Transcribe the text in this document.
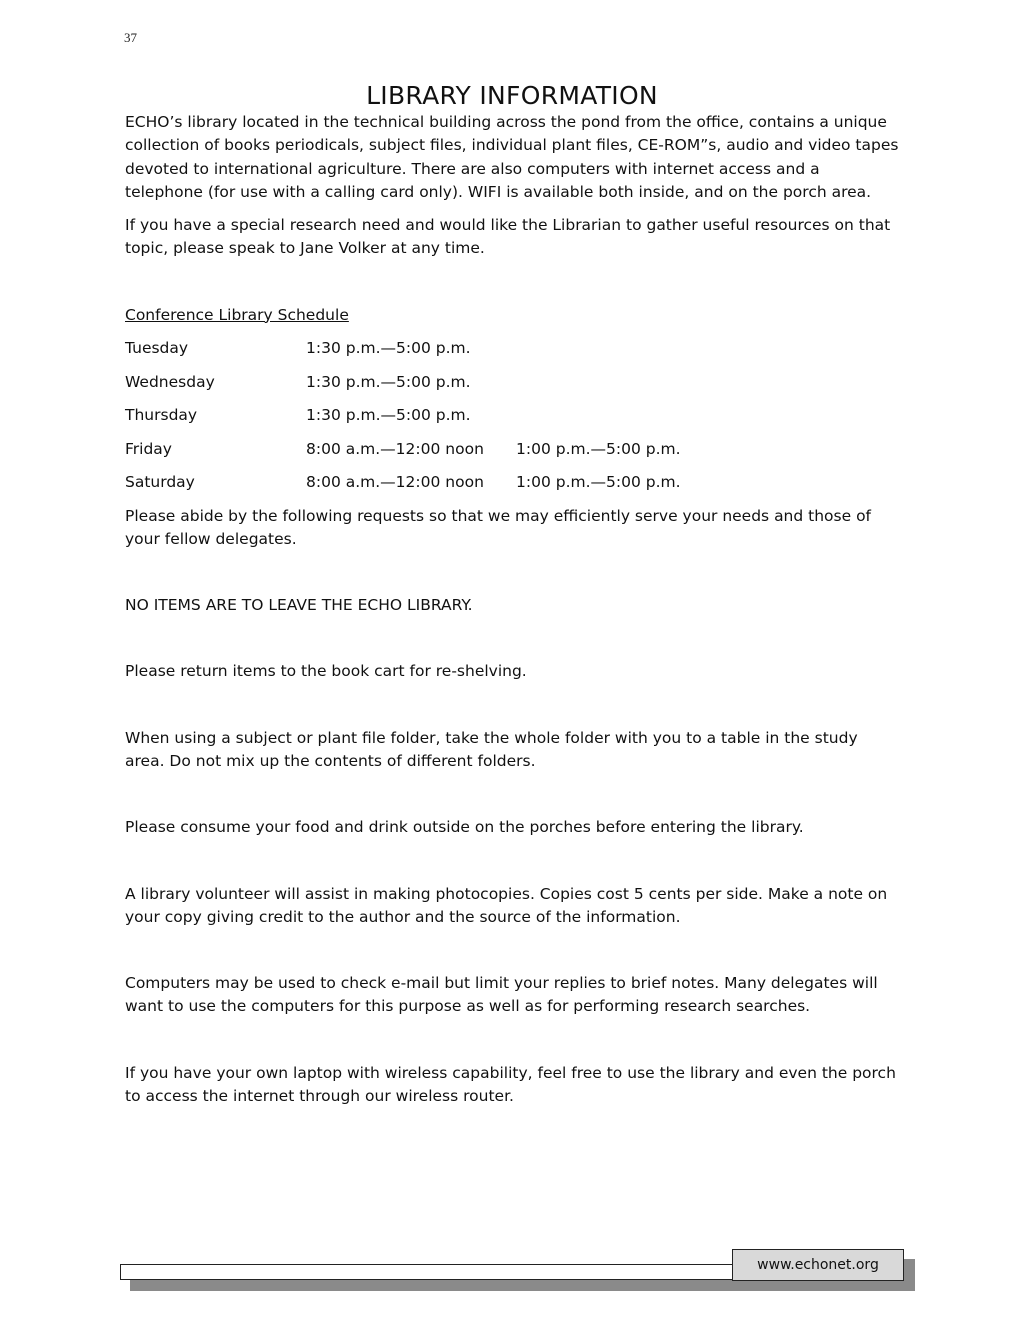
37
LIBRARY INFORMATION

ECHO’s library located in the technical building across the pond from the office, contains a unique collection of books periodicals, subject files, individual plant files, CE-ROM”s, audio and video tapes devoted to international agriculture. There are also computers with internet access and a telephone (for use with a calling card only). WIFI is available both inside, and on the porch area.

If you have a special research need and would like the Librarian to gather useful resources on that topic, please speak to Jane Volker at any time.

Conference Library Schedule

Tuesday	1:30 p.m.—5:00 p.m.
Wednesday	1:30 p.m.—5:00 p.m.
Thursday	1:30 p.m.—5:00 p.m.
Friday	8:00 a.m.—12:00 noon	1:00 p.m.—5:00 p.m.
Saturday	8:00 a.m.—12:00 noon	1:00 p.m.—5:00 p.m.

Please abide by the following requests so that we may efficiently serve your needs and those of your fellow delegates.

NO ITEMS ARE TO LEAVE THE ECHO LIBRARY.

Please return items to the book cart for re-shelving.

When using a subject or plant file folder, take the whole folder with you to a table in the study area. Do not mix up the contents of different folders.

Please consume your food and drink outside on the porches before entering the library.

A library volunteer will assist in making photocopies. Copies cost 5 cents per side. Make a note on your copy giving credit to the author and the source of the information.

Computers may be used to check e-mail but limit your replies to brief notes. Many delegates will want to use the computers for this purpose as well as for performing research searches.

If you have your own laptop with wireless capability, feel free to use the library and even the porch to access the internet through our wireless router.

www.echonet.org
